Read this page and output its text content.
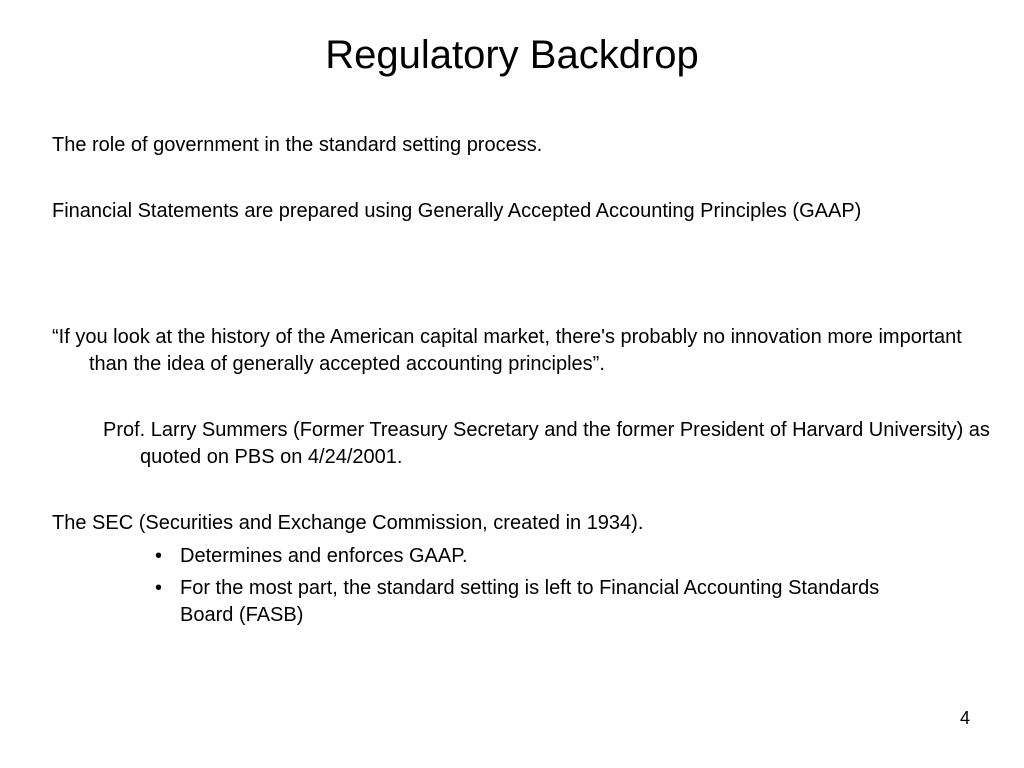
Regulatory Backdrop

The role of government in the standard setting process.

Financial Statements are prepared using Generally Accepted Accounting Principles (GAAP)

“If you look at the history of the American capital market, there's probably no innovation more important than the idea of generally accepted accounting principles”.

Prof. Larry Summers (Former Treasury Secretary and the former President of Harvard University) as quoted on PBS on 4/24/2001.

The SEC (Securities and Exchange Commission, created in 1934).

• Determines and enforces GAAP.
• For the most part, the standard setting is left to Financial Accounting Standards Board (FASB)
4
